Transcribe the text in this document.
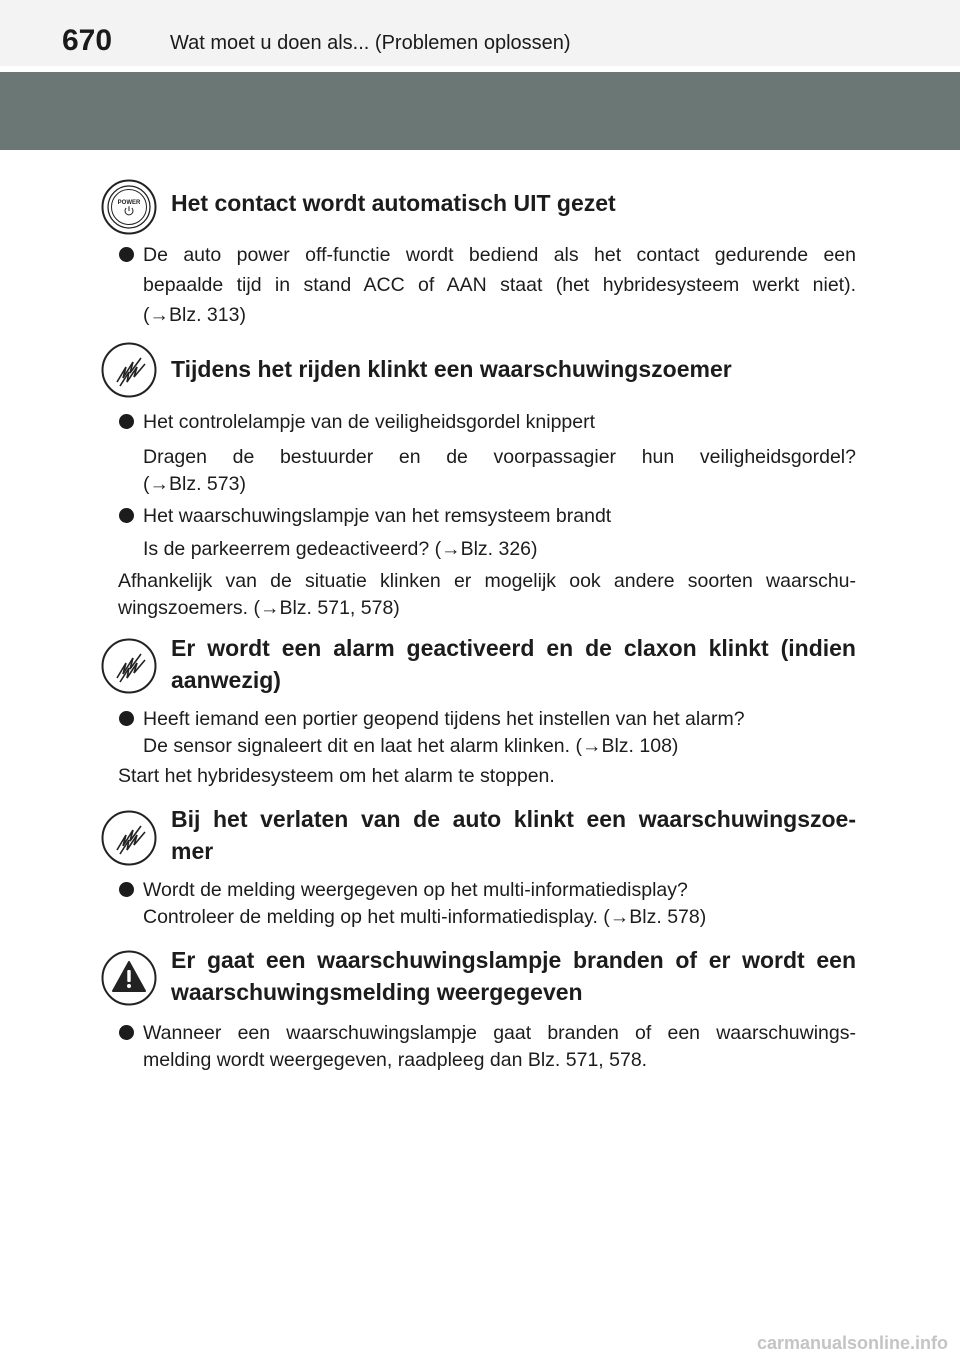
670	Wat moet u doen als... (Problemen oplossen)
POWER Het contact wordt automatisch UIT gezet
De auto power off-functie wordt bediend als het contact gedurende een
bepaalde tijd in stand ACC of AAN staat (het hybridesysteem werkt niet).
(→Blz. 313)
Tijdens het rijden klinkt een waarschuwingszoemer
Het controlelampje van de veiligheidsgordel knippert
Dragen de bestuurder en de voorpassagier hun veiligheidsgordel?
(→Blz. 573)
Het waarschuwingslampje van het remsysteem brandt
Is de parkeerrem gedeactiveerd? (→Blz. 326)
Afhankelijk van de situatie klinken er mogelijk ook andere soorten waarschu-
wingszoemers. (→Blz. 571, 578)
Er wordt een alarm geactiveerd en de claxon klinkt (indien
aanwezig)
Heeft iemand een portier geopend tijdens het instellen van het alarm?
De sensor signaleert dit en laat het alarm klinken. (→Blz. 108)
Start het hybridesysteem om het alarm te stoppen.
Bij het verlaten van de auto klinkt een waarschuwingszoe-
mer
Wordt de melding weergegeven op het multi-informatiedisplay?
Controleer de melding op het multi-informatiedisplay. (→Blz. 578)
Er gaat een waarschuwingslampje branden of er wordt een
waarschuwingsmelding weergegeven
Wanneer een waarschuwingslampje gaat branden of een waarschuwings-
melding wordt weergegeven, raadpleeg dan Blz. 571, 578.
carmanualsonline.info
